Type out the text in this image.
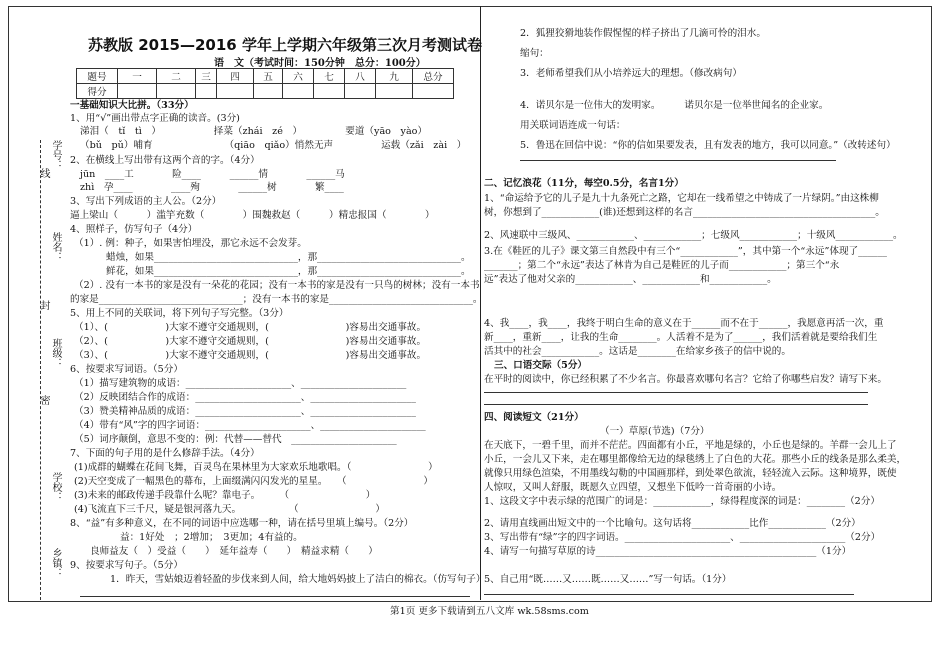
学号：
线
姓名：
封
班级：
密
学校：
乡镇：
苏教版 2015—2016 学年上学期六年级第三次月考测试卷
语　文（考试时间：150分钟　总分：100分）
题号	一	二	三	四	五	六	七	八	九	总分
得分										
一基础知识大比拼。（33分）
1、用“√”画出带点字正确的读音。(3分)
涕泪（　tǐ　tì　）　　　　　　择菜（zhái　zé　）　　　　　要道（yāo　yào）
（bǔ　pǔ）哺育　　　　　　　　（qiāo　qiǎo）悄然无声　　　　　运载（zǎi　zài　）
2、在横线上写出带有这两个音的字。（4分）
jūn　____工　　　　险____　　　______情　　　　______马
zhì　孕____　　　　____殉　　　　______树　　　　繁____
3、写出下列成语的主人公。（2分）
逼上梁山（　　　）滥竽充数（　　　　）围魏救赵（　　　）精忠报国（　　　　）
4、照样子，仿写句子（4分）
（1）. 例：种子，如果害怕埋没，那它永远不会发芽。
蜡烛，如果______________________________，那______________________________。
鲜花，如果______________________________，那______________________________。
（2）. 没有一本书的家是没有一朵花的花园；没有一本书的家是没有一只鸟的树林；没有一本书
的家是______________________________；没有一本书的家是______________________________。
5、用上不同的关联词，将下列句子写完整。（3分）
（1）、(　　　　　　)大家不遵守交通规则，(　　　　　　　　)容易出交通事故。
（2）、(　　　　　　)大家不遵守交通规则，(　　　　　　　　)容易出交通事故。
（3）、(　　　　　　)大家不遵守交通规则，(　　　　　　　　)容易出交通事故。
6、按要求写词语。（5分）
（1）描写建筑物的成语：______________________、______________________
（2）反映团结合作的成语：______________________、______________________
（3）赞美精神品质的成语：______________________、______________________
（4）带有“风”字的四字词语：______________________、______________________
（5）词序颠倒，意思不变的：例：代替——替代　______________________
7、下面的句子用的是什么修辞手法。（4分）
(1)成群的蝴蝶在花间飞舞，百灵鸟在果林里为大家欢乐地歌唱。（　　　　　　　　）
(2)天空变成了一幅黑色的幕布，上面缀满闪闪发光的星星。　　（　　　　　　　　）
(3)未来的邮政传递手段靠什么呢？靠电子。　　　（　　　　　　　　）
(4)飞流直下三千尺，疑是银河落九天。　　　　　　（　　　　　　　　）
8、“益”有多种意义，在不同的词语中应选哪一种，请在括号里填上编号。（2分）
益：1好处　；2增加；　3更加；4有益的。
良师益友（　）受益（　　）　延年益寿（　　）　精益求精（　　）
9、按要求写句子。（5分）
1．昨天，雪姑娘迈着轻盈的步伐来到人间，给大地妈妈披上了洁白的棉衣。（仿写句子）
2．狐狸狡猾地装作假惺惺的样子挤出了几滴可怜的泪水。
缩句：
3．老师希望我们从小培养远大的理想。（修改病句）
4．诺贝尔是一位伟大的发明家。　　　诺贝尔是一位举世闻名的企业家。
用关联词语连成一句话：
5．鲁迅在回信中说：“你的信如果要发表，且有发表的地方，我可以同意。”（改转述句）
二、记忆浪花（11分，每空0.5分，名言1分）
1、“命运给予它的儿子是九十九条死亡之路，它却在一线希望之中铸成了一片绿阴。”由这株柳
树，你想到了____________(谁)还想到这样的名言______________________________________。
2、风速联中三级风、____________、____________；七级风____________；十级风____________。
3.在《鞋匠的儿子》课文第三自然段中有三个“____________”，其中第一个“永远”体现了______
_______；第二个“永远”表达了林肯为自己是鞋匠的儿子而____________；第三个“永
远”表达了他对父亲的____________、____________和____________。
4、我____，我____，我终于明白生命的意义在于______而不在于______，我愿意再活一次，重
新____，重新____，让我的生命________。人活着不是为了______，我们活着就是要给我们生
活其中的社会____________。这话是________在给家乡孩子的信中说的。
三、口语交际（5分）
在平时的阅读中，你已经积累了不少名言。你最喜欢哪句名言？它给了你哪些启发？请写下来。
四、阅读短文（21分）
（一）草原(节选)（7分）
在天底下，一碧千里，而并不茫茫。四面都有小丘，平地是绿的，小丘也是绿的。羊群一会儿上了
小丘，一会儿又下来，走在哪里都像给无边的绿毯绣上了白色的大花。那些小丘的线条是那么柔美，
就像只用绿色渲染，不用墨线勾勒的中国画那样，到处翠色欲流，轻轻流入云际。这种境界，既使
人惊叹，又叫人舒服，既愿久立四望，又想坐下低吟一首奇丽的小诗。
1、这段文字中表示绿的范围广的词是：____________，绿得程度深的词是：________（2分）
2、请用直线画出短文中的一个比喻句。这句话将____________比作____________（2分）
3、写出带有“绿”字的四字词语。______________________、______________________（2分）
4、请写一句描写草原的诗______________________________________________（1分）
5、自己用“既……又……既……又……”写一句话。（1分）
第1页 更多下载请到五八文库 wk.58sms.com
